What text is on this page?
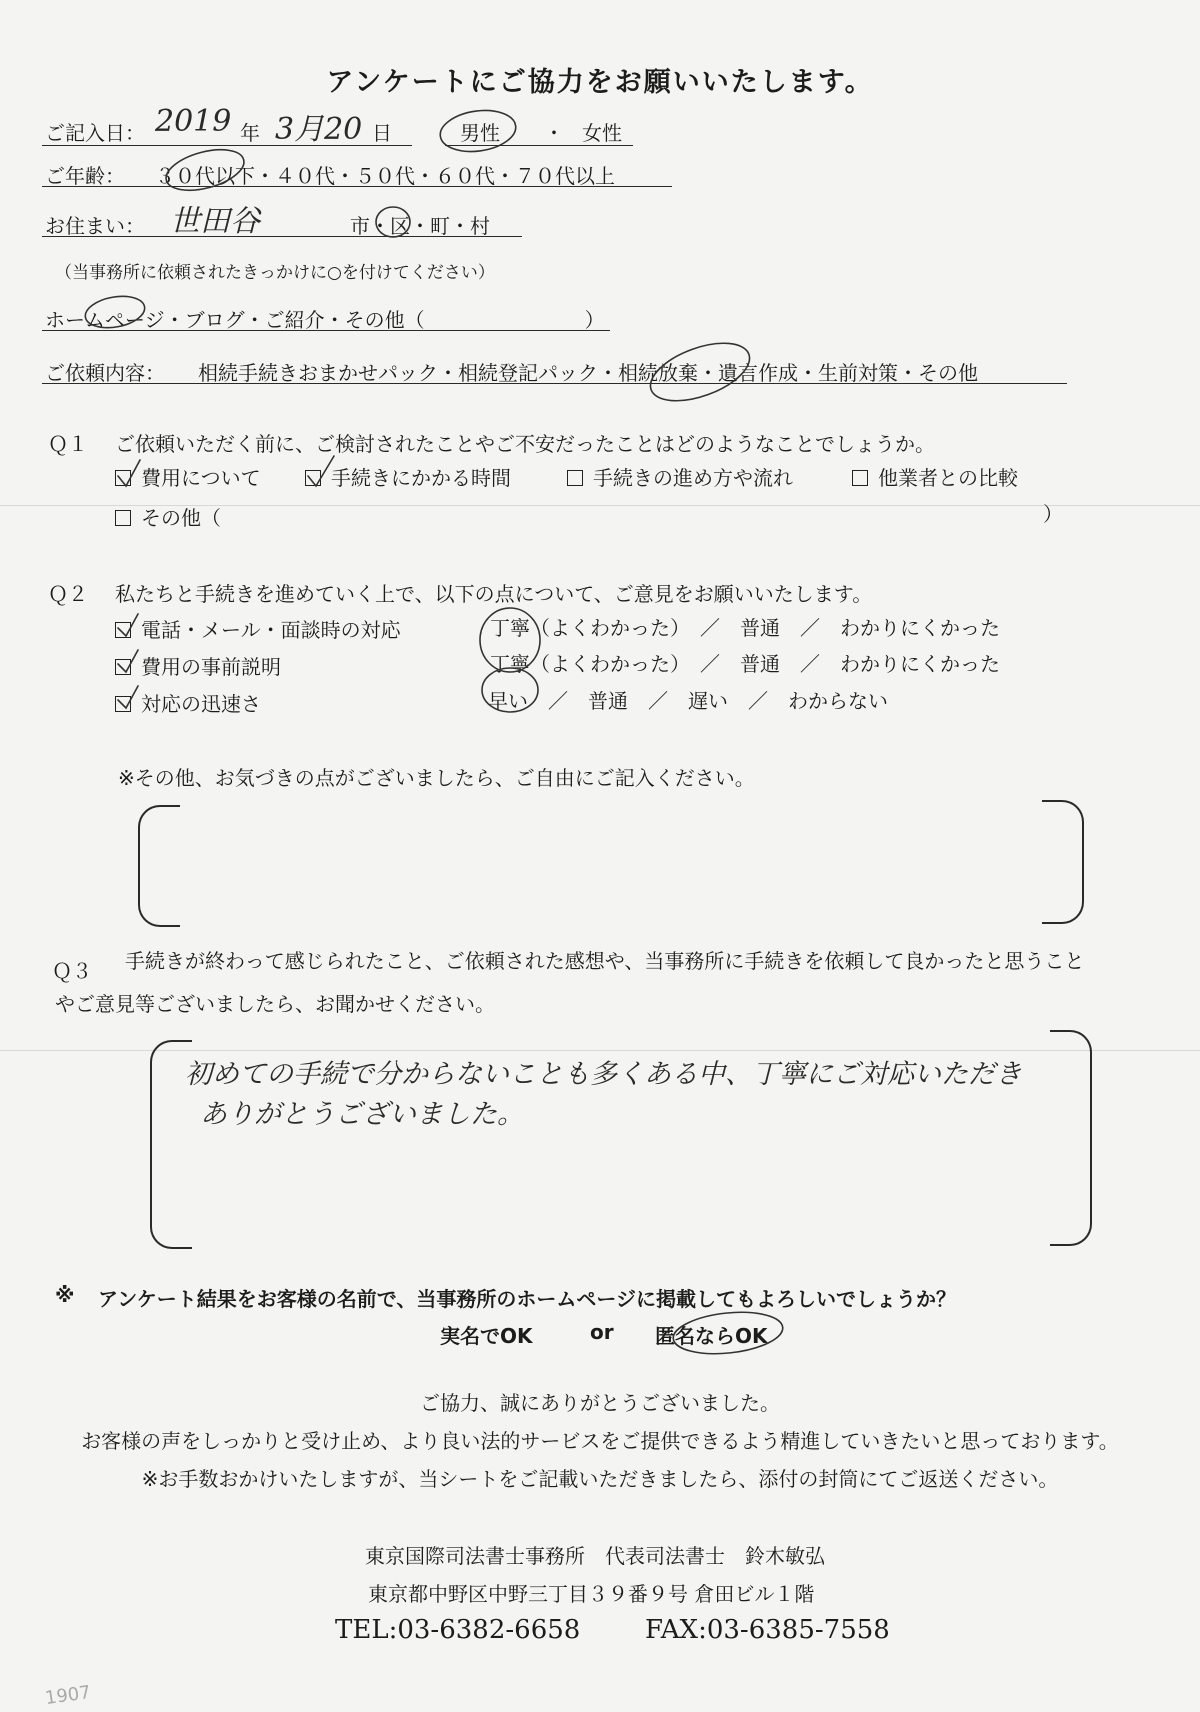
アンケートにご協力をお願いいたします。
ご記入日： 2019 年 3月20 日	男性 ・ 女性
ご年齢： ３０代以下・４０代・５０代・６０代・７０代以上
お住まい： 世田谷	市・区・町・村
（当事務所に依頼されたきっかけに○を付けてください）
ホームページ・ブログ・ご紹介・その他（　　　　　　　　）
ご依頼内容： 相続手続きおまかせパック・相続登記パック・相続放棄・遺言作成・生前対策・その他
Ｑ１ ご依頼いただく前に、ご検討されたことやご不安だったことはどのようなことでしょうか。
費用について	手続きにかかる時間	手続きの進め方や流れ	他業者との比較
その他（	）
Ｑ２ 私たちと手続きを進めていく上で、以下の点について、ご意見をお願いいたします。
電話・メール・面談時の対応	丁寧（よくわかった）　／　普通　／　わかりにくかった
費用の事前説明	丁寧（よくわかった）　／　普通　／　わかりにくかった
対応の迅速さ	早い　／　普通　／　遅い　／　わからない
※その他、お気づきの点がございましたら、ご自由にご記入ください。
Ｑ３ 手続きが終わって感じられたこと、ご依頼された感想や、当事務所に手続きを依頼して良かったと思うこと
やご意見等ございましたら、お聞かせください。
初めての手続で分からないことも多くある中、丁寧にご対応いただき
ありがとうございました。
※ アンケート結果をお客様の名前で、当事務所のホームページに掲載してもよろしいでしょうか？
実名でOK	or 匿名ならOK
ご協力、誠にありがとうございました。
お客様の声をしっかりと受け止め、より良い法的サービスをご提供できるよう精進していきたいと思っております。
※お手数おかけいたしますが、当シートをご記載いただきましたら、添付の封筒にてご返送ください。
東京国際司法書士事務所　代表司法書士　鈴木敏弘
東京都中野区中野三丁目３９番９号 倉田ビル１階
TEL:03-6382-6658 FAX:03-6385-7558
1907
